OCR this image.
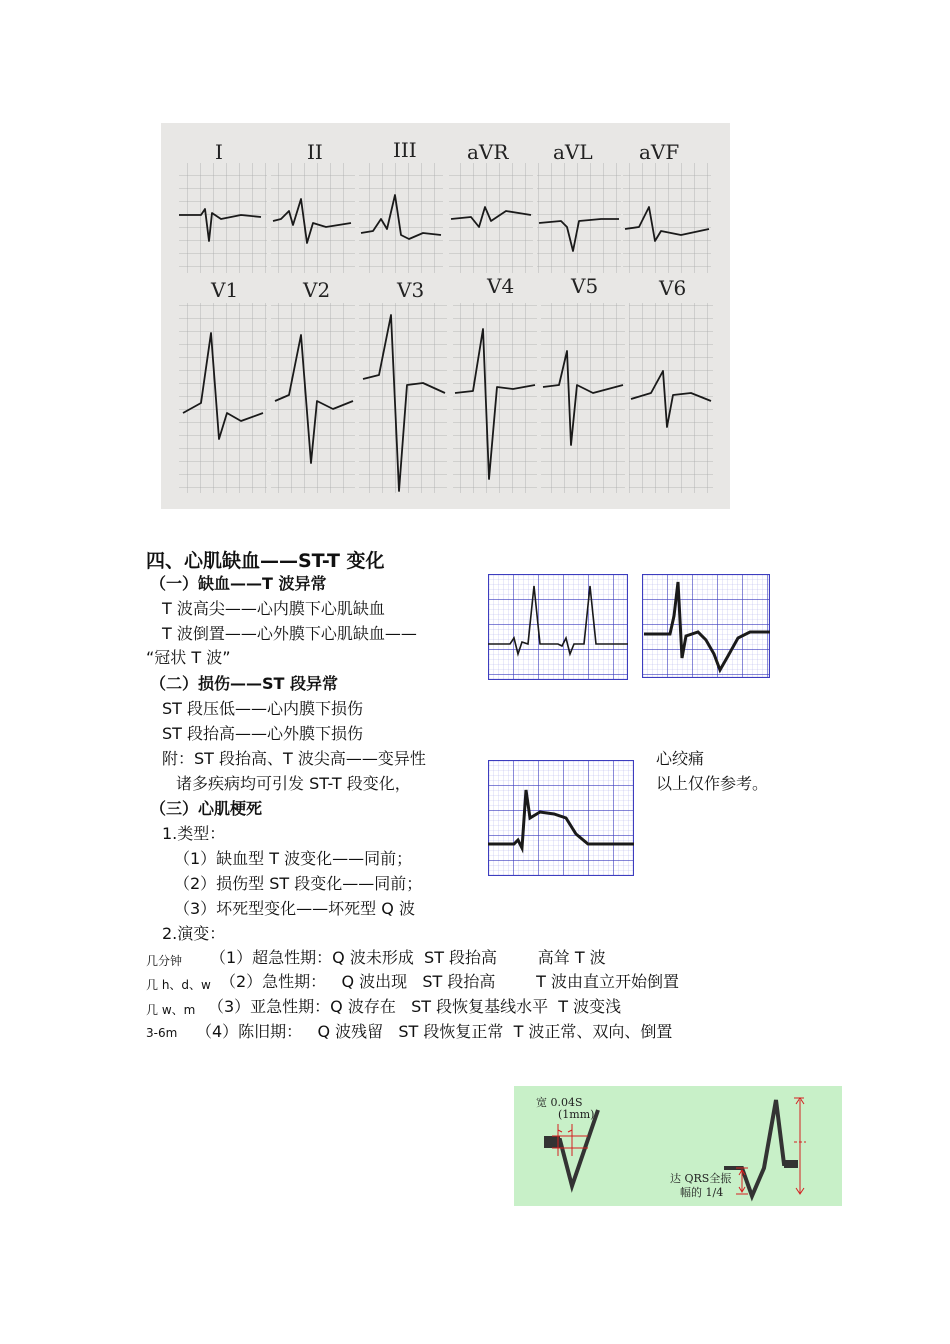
I	II	III	aVR aVL aVF
V1	V2	V3	V4	V5	V6
四、心肌缺血——ST-T 变化
（一）缺血——T 波异常
T 波高尖——心内膜下心肌缺血
T 波倒置——心外膜下心肌缺血——
“冠状 T 波”
（二）损伤——ST 段异常
ST 段压低——心内膜下损伤
ST 段抬高——心外膜下损伤
附：ST 段抬高、T 波尖高——变异性
诸多疾病均可引发 ST-T 段变化，
心绞痛
以上仅作参考。
（三）心肌梗死
1.类型：
（1）缺血型 T 波变化——同前；
（2）损伤型 ST 段变化——同前；
（3）坏死型变化——坏死型 Q 波
2.演变：
几分钟 （1）超急性期：Q 波未形成  ST 段抬高        高耸 T 波
几 h、d、w （2）急性期：   Q 波出现   ST 段抬高        T 波由直立开始倒置
几 w、m （3）亚急性期：Q 波存在   ST 段恢复基线水平  T 波变浅
3-6m （4）陈旧期：   Q 波残留   ST 段恢复正常  T 波正常、双向、倒置
宽 0.04S
(1mm)
达 QRS全振
幅的 1/4
